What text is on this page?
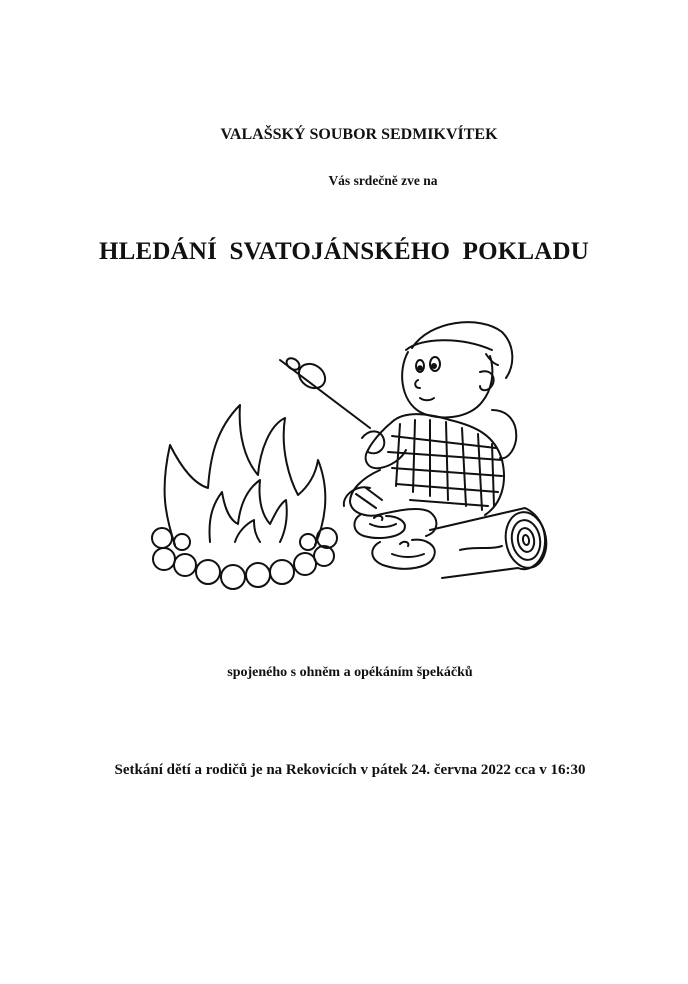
VALAŠSKÝ SOUBOR SEDMIKVÍTEK
Vás srdečně zve na
HLEDÁNÍ SVATOJÁNSKÉHO POKLADU
spojeného s ohněm a opékáním špekáčků
Setkání dětí a rodičů je na Rekovicích v pátek 24. června 2022 cca v 16:30
